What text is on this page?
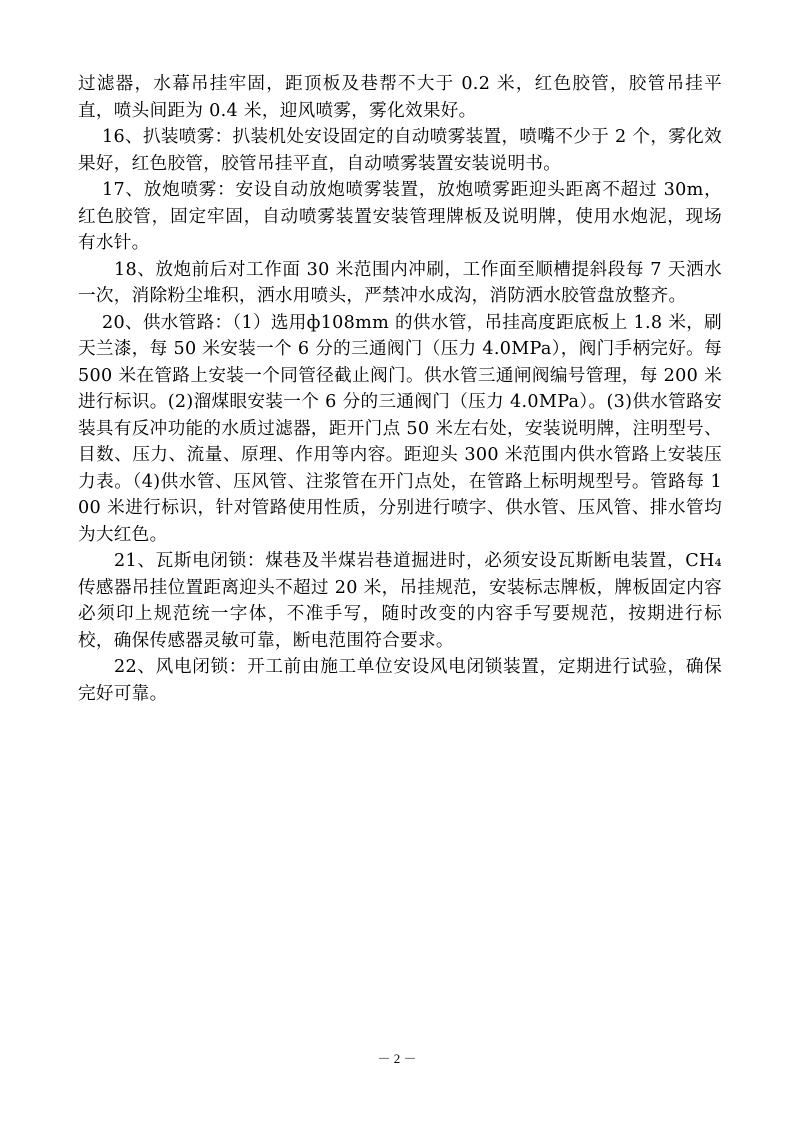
过滤器，水幕吊挂牢固，距顶板及巷帮不大于 0.2 米，红色胶管，胶管吊挂平直，喷头间距为 0.4 米，迎风喷雾，雾化效果好。

16、扒装喷雾：扒装机处安设固定的自动喷雾装置，喷嘴不少于 2 个，雾化效果好，红色胶管，胶管吊挂平直，自动喷雾装置安装说明书。

17、放炮喷雾：安设自动放炮喷雾装置，放炮喷雾距迎头距离不超过 30m，红色胶管，固定牢固，自动喷雾装置安装管理牌板及说明牌，使用水炮泥，现场有水针。

18、放炮前后对工作面 30 米范围内冲刷，工作面至顺槽提斜段每 7 天洒水一次，消除粉尘堆积，洒水用喷头，严禁冲水成沟，消防洒水胶管盘放整齐。

20、供水管路：（1）选用ф108mm 的供水管，吊挂高度距底板上 1.8 米，刷天兰漆，每 50 米安装一个 6 分的三通阀门（压力 4.0MPa），阀门手柄完好。每 500 米在管路上安装一个同管径截止阀门。供水管三通闸阀编号管理，每 200 米进行标识。(2)溜煤眼安装一个 6 分的三通阀门（压力 4.0MPa）。(3)供水管路安装具有反冲功能的水质过滤器，距开门点 50 米左右处，安装说明牌，注明型号、目数、压力、流量、原理、作用等内容。距迎头 300 米范围内供水管路上安装压力表。（4)供水管、压风管、注浆管在开门点处，在管路上标明规型号。管路每 100 米进行标识，针对管路使用性质，分别进行喷字、供水管、压风管、排水管均为大红色。

21、瓦斯电闭锁：煤巷及半煤岩巷道掘进时，必须安设瓦斯断电装置，CH₄传感器吊挂位置距离迎头不超过 20 米，吊挂规范，安装标志牌板，牌板固定内容必须印上规范统一字体，不准手写，随时改变的内容手写要规范，按期进行标校，确保传感器灵敏可靠，断电范围符合要求。

22、风电闭锁：开工前由施工单位安设风电闭锁装置，定期进行试验，确保完好可靠。

－ 2 －
